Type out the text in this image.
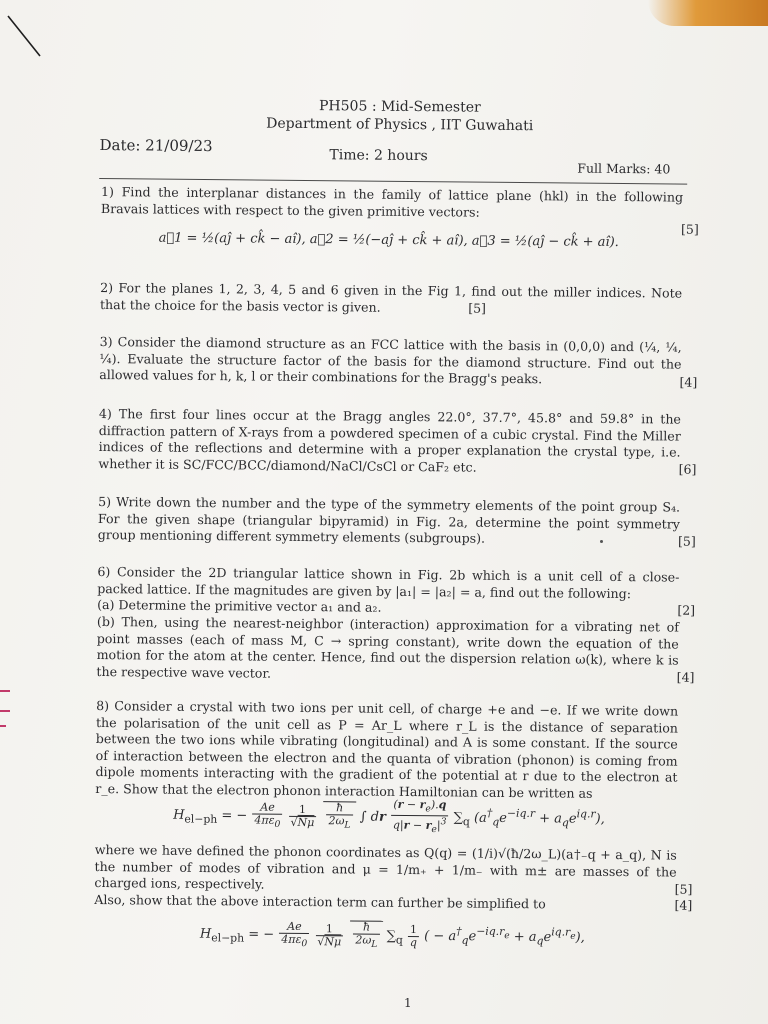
PH505 : Mid-Semester
Department of Physics , IIT Guwahati
Date: 21/09/23
Time: 2 hours
Full Marks: 40
1) Find the interplanar distances in the family of lattice plane (hkl) in the following Bravais lattices with respect to the given primitive vectors:
[5]
a⃗1 = ½(aĵ + ck̂ − aî), a⃗2 = ½(−aĵ + ck̂ + aî), a⃗3 = ½(aĵ − ck̂ + aî).
2) For the planes 1, 2, 3, 4, 5 and 6 given in the Fig 1, find out the miller indices. Note that the choice for the basis vector is given.	[5]
3) Consider the diamond structure as an FCC lattice with the basis in (0,0,0) and (¼, ¼, ¼). Evaluate the structure factor of the basis for the diamond structure. Find out the allowed values for h, k, l or their combinations for the Bragg's peaks.	[4]
4) The first four lines occur at the Bragg angles 22.0°, 37.7°, 45.8° and 59.8° in the diffraction pattern of X-rays from a powdered specimen of a cubic crystal. Find the Miller indices of the reflections and determine with a proper explanation the crystal type, i.e. whether it is SC/FCC/BCC/diamond/NaCl/CsCl or CaF₂ etc.	[6]
5) Write down the number and the type of the symmetry elements of the point group S₄. For the given shape (triangular bipyramid) in Fig. 2a, determine the point symmetry group mentioning different symmetry elements (subgroups).	[5]
6) Consider the 2D triangular lattice shown in Fig. 2b which is a unit cell of a close-packed lattice. If the magnitudes are given by |a₁| = |a₂| = a, find out the following:
(a) Determine the primitive vector a₁ and a₂.	[2]
(b) Then, using the nearest-neighbor (interaction) approximation for a vibrating net of point masses (each of mass M, C → spring constant), write down the equation of the motion for the atom at the center. Hence, find out the dispersion relation ω(k), where k is the respective wave vector.	[4]
8) Consider a crystal with two ions per unit cell, of charge +e and −e. If we write down the polarisation of the unit cell as P = Ar_L where r_L is the distance of separation between the two ions while vibrating (longitudinal) and A is some constant. If the source of interaction between the electron and the quanta of vibration (phonon) is coming from dipole moments interacting with the gradient of the potential at r due to the electron at r_e. Show that the electron phonon interaction Hamiltonian can be written as
$H_{el-ph}$ = − $\frac{Ae}{4\pi\varepsilon_0}$
$\frac{1}{√N\mu}$
$\frac{ħ}{2\omega_L}$ ∫ dr $\frac{(r - r_e).q}{q|r - r_e|^3} \sum_q$ $(a^\dagger_qe^{-iq.r} + a_qe^{iq.r})$,
where we have defined the phonon coordinates as Q(q) = (1/i)√(ħ/2ω_L)(a†₋q + a_q), N is the number of modes of vibration and μ = 1/m₊ + 1/m₋ with m± are masses of the charged ions, respectively.	[5]
Also, show that the above interaction term can further be simplified to	[4]
$H_{el-ph}$ = − $\frac{Ae}{4\pi\varepsilon_0}$
$\frac{1}{√N\mu}$
$\frac{ħ}{2\omega_L} \sum_q \frac{1}{q}$ ( − $a^\dagger_qe^{-iq.r_e} + a_qe^{iq.r_e}$),
1
